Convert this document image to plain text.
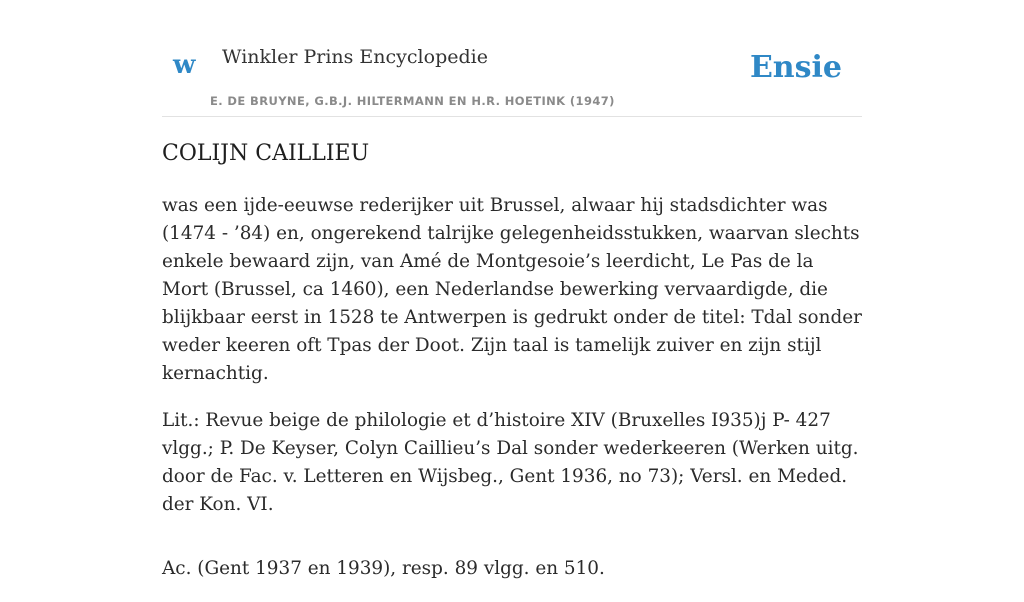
w Winkler Prins Encyclopedie
E. DE BRUYNE, G.B.J. HILTERMANN EN H.R. HOETINK (1947)
Ensie
COLIJN CAILLIEU

was een ijde-eeuwse rederijker uit Brussel, alwaar hij stadsdichter was (1474 - ’84) en, ongerekend talrijke gelegenheidsstukken, waarvan slechts enkele bewaard zijn, van Amé de Montgesoie’s leerdicht, Le Pas de la Mort (Brussel, ca 1460), een Nederlandse bewerking vervaardigde, die blijkbaar eerst in 1528 te Antwerpen is gedrukt onder de titel: Tdal sonder weder keeren oft Tpas der Doot. Zijn taal is tamelijk zuiver en zijn stijl kernachtig.

Lit.: Revue beige de philologie et d’histoire XIV (Bruxelles I935)j P- 427 vlgg.; P. De Keyser, Colyn Caillieu’s Dal sonder wederkeeren (Werken uitg. door de Fac. v. Letteren en Wijsbeg., Gent 1936, no 73); Versl. en Meded. der Kon. VI.

Ac. (Gent 1937 en 1939), resp. 89 vlgg. en 510.
